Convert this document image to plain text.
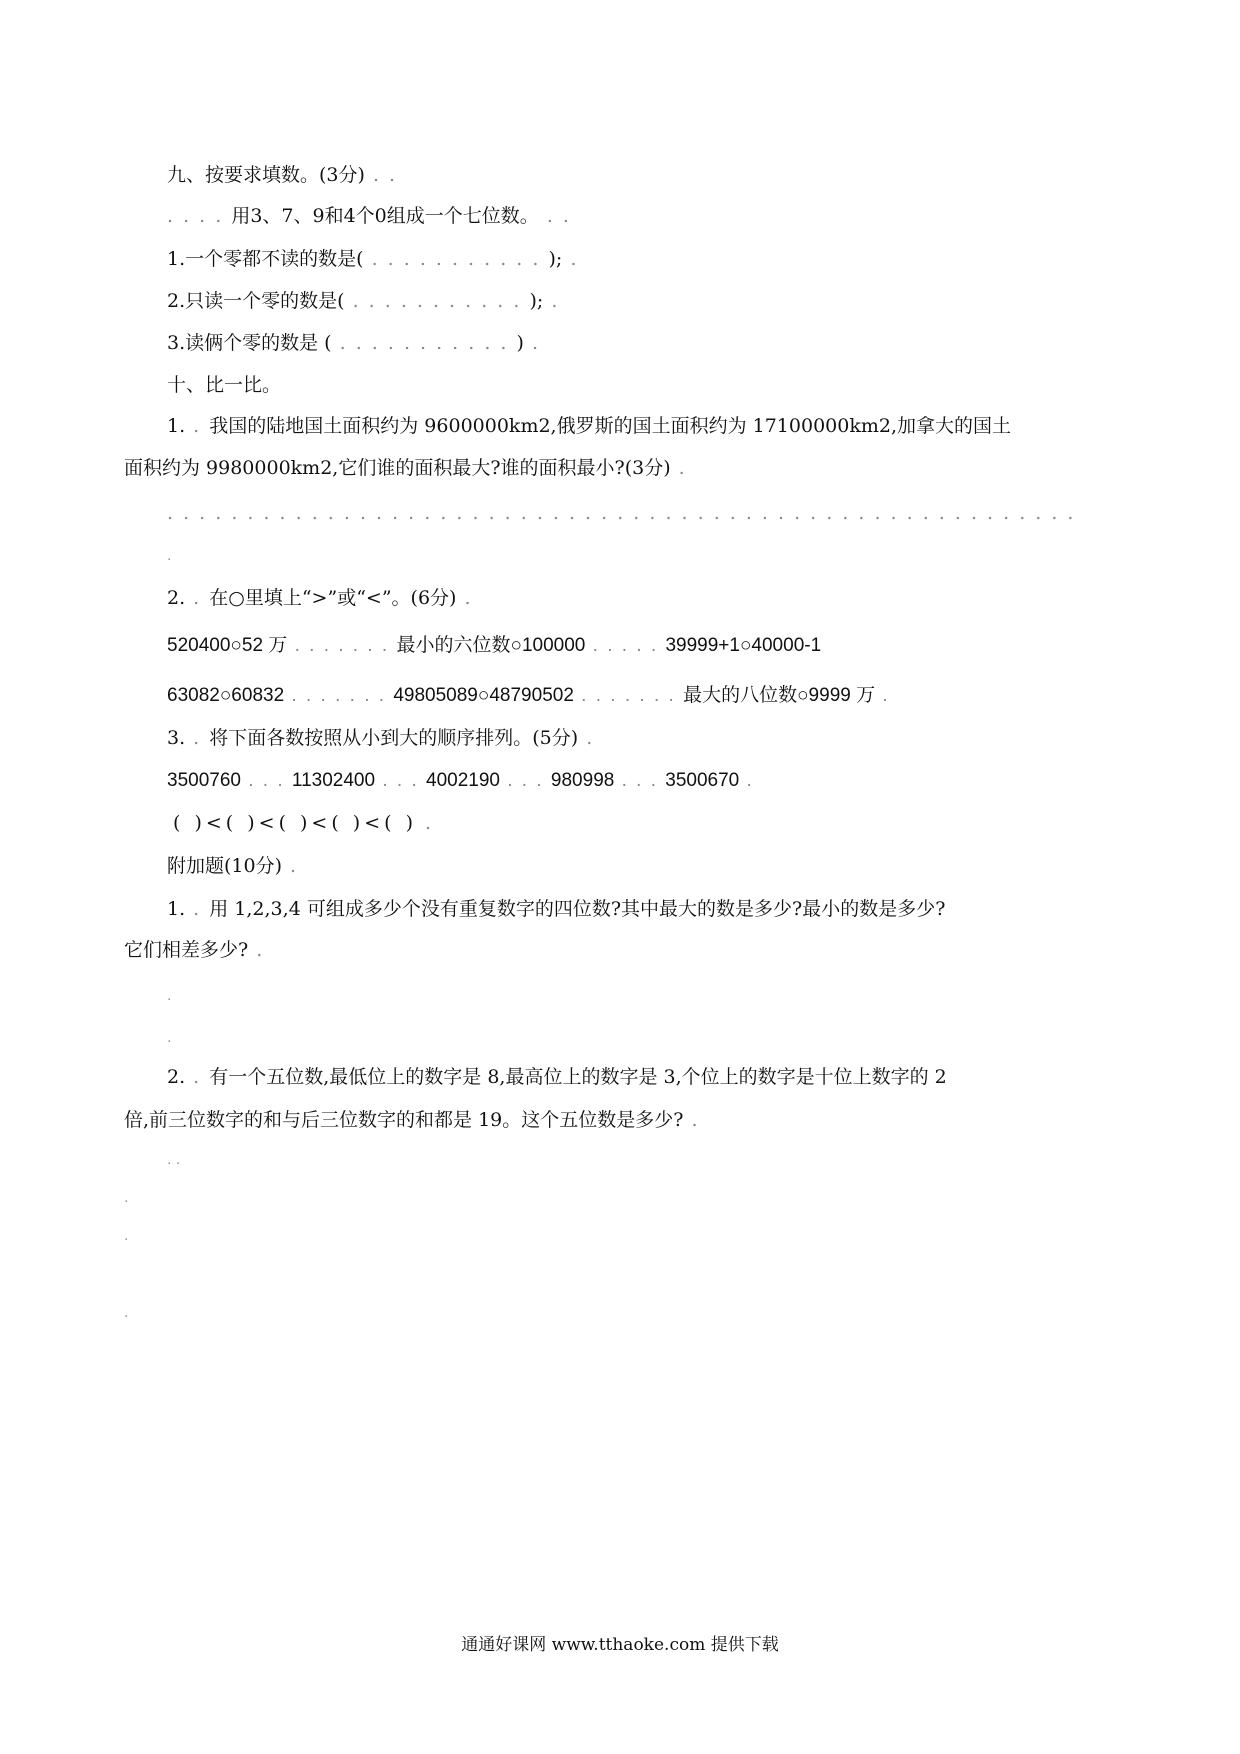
九、按要求填数。(3分) . .
. . . . 用3、7、9和4个0组成一个七位数。 . .
1.一个零都不读的数是( . . . . . . . . . . . ); .
2.只读一个零的数是( . . . . . . . . . . . ); .
3.读俩个零的数是 ( . . . . . . . . . . . ) .
十、比一比。
1. . 我国的陆地国土面积约为 9600000km2,俄罗斯的国土面积约为 17100000km2,加拿大的国土
面积约为 9980000km2,它们谁的面积最大?谁的面积最小?(3分) .
. . . . . . . . . . . . . . . . . . . . . . . . . . . . . . . . . . . . . . . . . . . . . . . . . . . . . . . . .
.
2. . 在○里填上“>”或“<”。(6分) .
520400○52 万 . . . . . . . 最小的六位数○100000 . . . . . 39999+1○40000-1
63082○60832 . . . . . . . 49805089○48790502 . . . . . . . 最大的八位数○9999 万 .
3. . 将下面各数按照从小到大的顺序排列。(5分) .
3500760 . . . 11302400 . . . 4002190 . . . 980998 . . . 3500670 .
( )<( )<( )<( )<( ) .
附加题(10分) .
1. . 用 1,2,3,4 可组成多少个没有重复数字的四位数?其中最大的数是多少?最小的数是多少?
它们相差多少? .
.
.
2. . 有一个五位数,最低位上的数字是 8,最高位上的数字是 3,个位上的数字是十位上数字的 2
倍,前三位数字的和与后三位数字的和都是 19。这个五位数是多少? .
. .
.
.
.
通通好课网 www.tthaoke.com 提供下载
